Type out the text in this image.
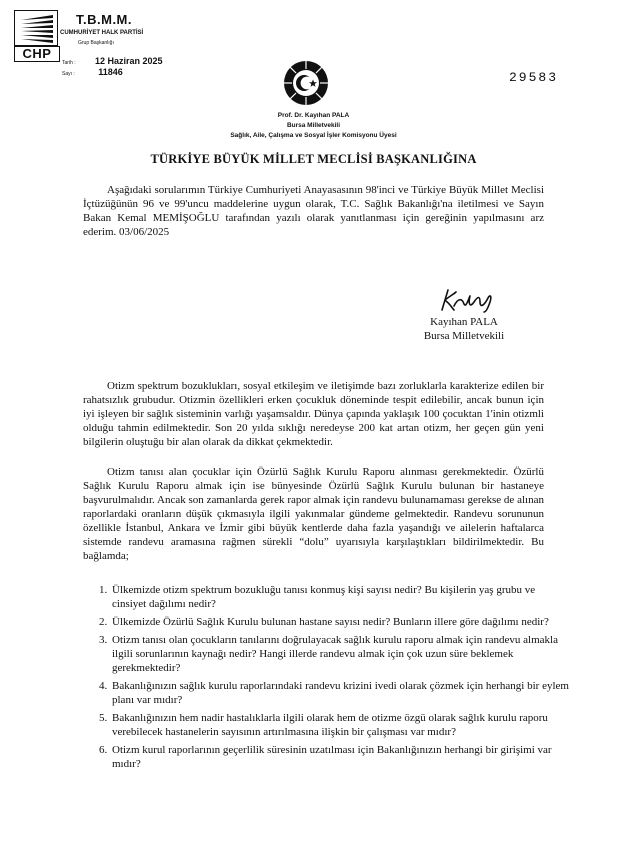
CHP
T.B.M.M.
CUMHURİYET HALK PARTİSİ
Grup Başkanlığı
Tarih : 12 Haziran 2025
Sayı :	11846	29583
Prof. Dr. Kayıhan PALA
Bursa Milletvekili
Sağlık, Aile, Çalışma ve Sosyal İşler Komisyonu Üyesi
TÜRKİYE BÜYÜK MİLLET MECLİSİ BAŞKANLIĞINA
Aşağıdaki sorularımın Türkiye Cumhuriyeti Anayasasının 98'inci ve Türkiye Büyük Millet Meclisi İçtüzüğünün 96 ve 99'uncu maddelerine uygun olarak, T.C. Sağlık Bakanlığı'na iletilmesi ve Sayın Bakan Kemal MEMİŞOĞLU tarafından yazılı olarak yanıtlanması için gereğinin yapılmasını arz ederim. 03/06/2025
Kayıhan PALA
Bursa Milletvekili
Otizm spektrum bozuklukları, sosyal etkileşim ve iletişimde bazı zorluklarla karakterize edilen bir rahatsızlık grubudur. Otizmin özellikleri erken çocukluk döneminde tespit edilebilir, ancak bunun için iyi işleyen bir sağlık sisteminin varlığı yaşamsaldır. Dünya çapında yaklaşık 100 çocuktan 1'inin otizmli olduğu tahmin edilmektedir. Son 20 yılda sıklığı neredeyse 200 kat artan otizm, her geçen gün yeni bilgilerin oluştuğu bir alan olarak da dikkat çekmektedir.
Otizm tanısı alan çocuklar için Özürlü Sağlık Kurulu Raporu alınması gerekmektedir. Özürlü Sağlık Kurulu Raporu almak için ise bünyesinde Özürlü Sağlık Kurulu bulunan bir hastaneye başvurulmalıdır. Ancak son zamanlarda gerek rapor almak için randevu bulunamaması gerekse de alınan raporlardaki oranların düşük çıkmasıyla ilgili yakınmalar gündeme gelmektedir. Randevu sorununun özellikle İstanbul, Ankara ve İzmir gibi büyük kentlerde daha fazla yaşandığı ve ailelerin haftalarca sistemde randevu aramasına rağmen sürekli “dolu” uyarısıyla karşılaştıkları bildirilmektedir. Bu bağlamda;
1. Ülkemizde otizm spektrum bozukluğu tanısı konmuş kişi sayısı nedir? Bu kişilerin yaş grubu ve cinsiyet dağılımı nedir?
2. Ülkemizde Özürlü Sağlık Kurulu bulunan hastane sayısı nedir? Bunların illere göre dağılımı nedir?
3. Otizm tanısı olan çocukların tanılarını doğrulayacak sağlık kurulu raporu almak için randevu almakla ilgili sorunlarının kaynağı nedir? Hangi illerde randevu almak için çok uzun süre beklemek gerekmektedir?
4. Bakanlığınızın sağlık kurulu raporlarındaki randevu krizini ivedi olarak çözmek için herhangi bir eylem planı var mıdır?
5. Bakanlığınızın hem nadir hastalıklarla ilgili olarak hem de otizme özgü olarak sağlık kurulu raporu verebilecek hastanelerin sayısının artırılmasına ilişkin bir çalışması var mıdır?
6. Otizm kurul raporlarının geçerlilik süresinin uzatılması için Bakanlığınızın herhangi bir girişimi var mıdır?
